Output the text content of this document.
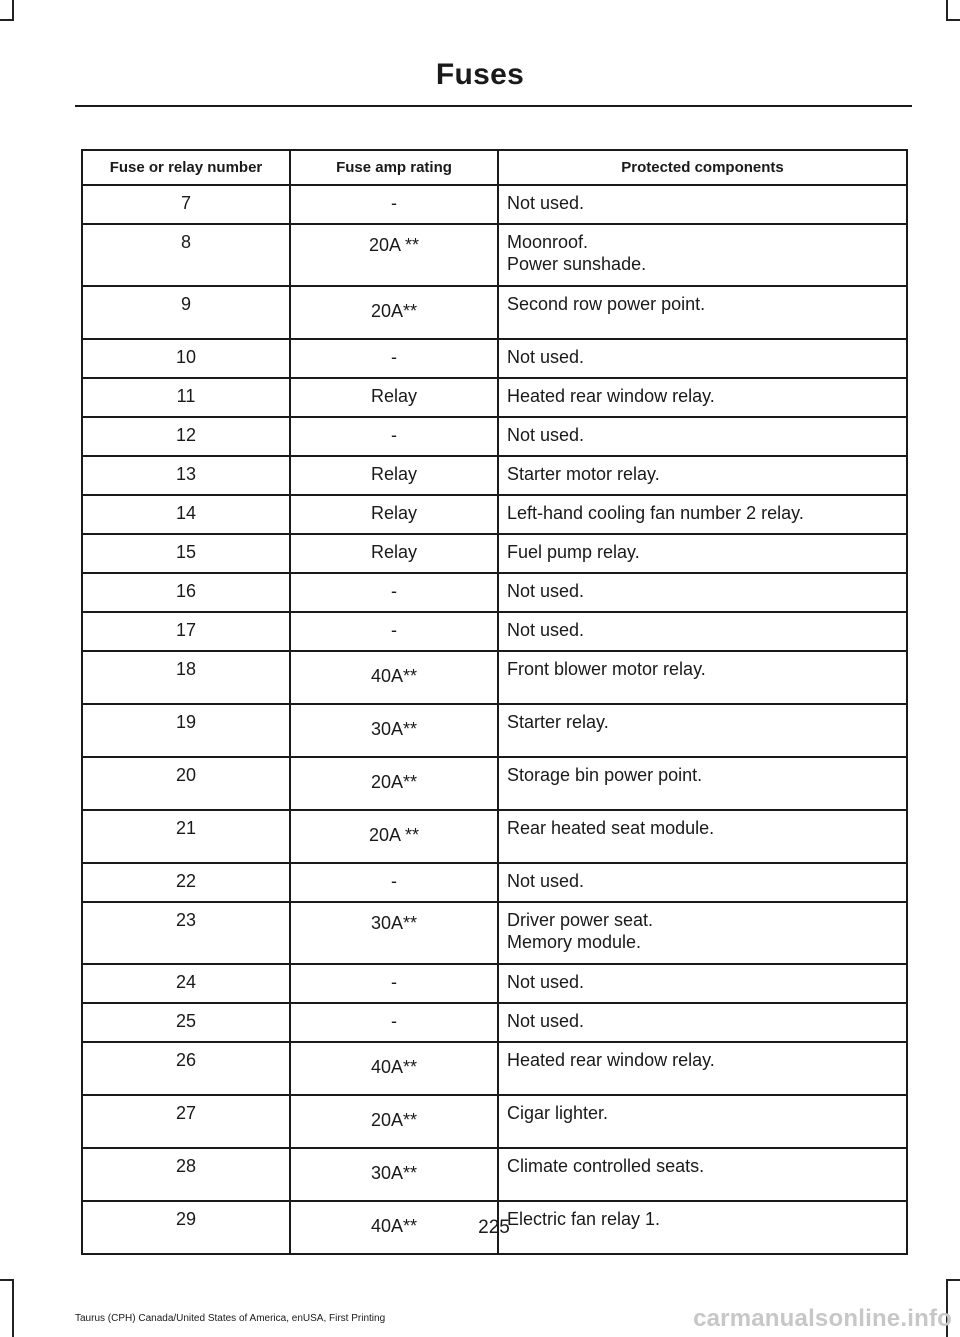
Fuses
Fuse or relay number	Fuse amp rating	Protected components
7	-	Not used.

8	20A **	Moonroof.
Power sunshade.

9	20A**	Second row power point.

10	-	Not used.

11	Relay	Heated rear window relay.

12	-	Not used.

13	Relay	Starter motor relay.

14	Relay	Left-hand cooling fan number 2 relay.

15	Relay	Fuel pump relay.

16	-	Not used.

17	-	Not used.

18	40A**	Front blower motor relay.

19	30A**	Starter relay.

20	20A**	Storage bin power point.

21	20A **	Rear heated seat module.

22	-	Not used.

23	30A**	Driver power seat.
Memory module.

24	-	Not used.

25	-	Not used.

26	40A**	Heated rear window relay.

27	20A**	Cigar lighter.

28	30A**	Climate controlled seats.

29	40A**	Electric fan relay 1.
225
Taurus (CPH) Canada/United States of America, enUSA, First Printing	carmanualsonline.info
